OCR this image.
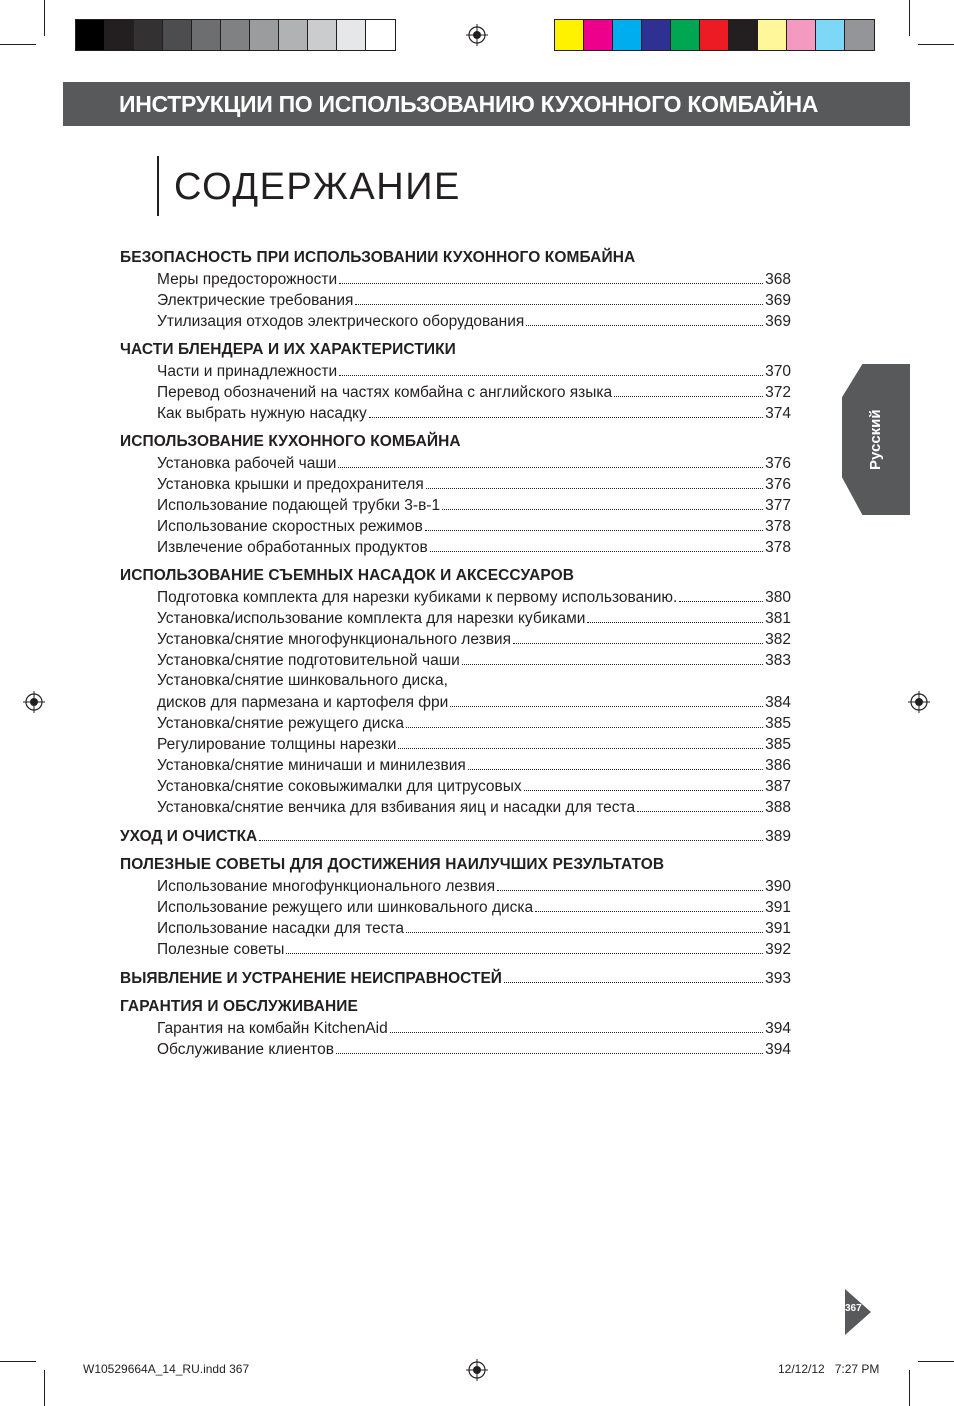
ИНСТРУКЦИИ ПО ИСПОЛЬЗОВАНИЮ КУХОННОГО КОМБАЙНА
СОДЕРЖАНИЕ
БЕЗОПАСНОСТЬ ПРИ ИСПОЛЬЗОВАНИИ КУХОННОГО КОМБАЙНА
Меры предосторожности	368
Электрические требования	369
Утилизация отходов электрического оборудования	369
ЧАСТИ БЛЕНДЕРА И ИХ ХАРАКТЕРИСТИКИ
Части и принадлежности	370
Перевод обозначений на частях комбайна с английского языка	372
Как выбрать нужную насадку	374
ИСПОЛЬЗОВАНИЕ КУХОННОГО КОМБАЙНА
Установка рабочей чаши	376
Установка крышки и предохранителя	376
Использование подающей трубки 3-в-1	377
Использование скоростных режимов	378
Извлечение обработанных продуктов	378
ИСПОЛЬЗОВАНИЕ СЪЕМНЫХ НАСАДОК И АКСЕССУАРОВ
Подготовка комплекта для нарезки кубиками к первому использованию.	380
Установка/использование комплекта для нарезки кубиками	381
Установка/снятие многофункционального лезвия	382
Установка/снятие подготовительной чаши	383
Установка/снятие шинковального диска,
дисков для пармезана и картофеля фри	384
Установка/снятие режущего диска	385
Регулирование толщины нарезки	385
Установка/снятие миничаши и минилезвия	386
Установка/снятие соковыжималки для цитрусовых	387
Установка/снятие венчика для взбивания яиц и насадки для теста	388
УХОД И ОЧИСТКА	389
ПОЛЕЗНЫЕ СОВЕТЫ ДЛЯ ДОСТИЖЕНИЯ НАИЛУЧШИХ РЕЗУЛЬТАТОВ
Использование многофункционального лезвия	390
Использование режущего или шинковального диска	391
Использование насадки для теста	391
Полезные советы	392
ВЫЯВЛЕНИЕ И УСТРАНЕНИЕ НЕИСПРАВНОСТЕЙ	393
ГАРАНТИЯ И ОБСЛУЖИВАНИЕ
Гарантия на комбайн KitchenAid	394
Обслуживание клиентов	394
Русский
367
W10529664A_14_RU.indd 367	12/12/12   7:27 PM
